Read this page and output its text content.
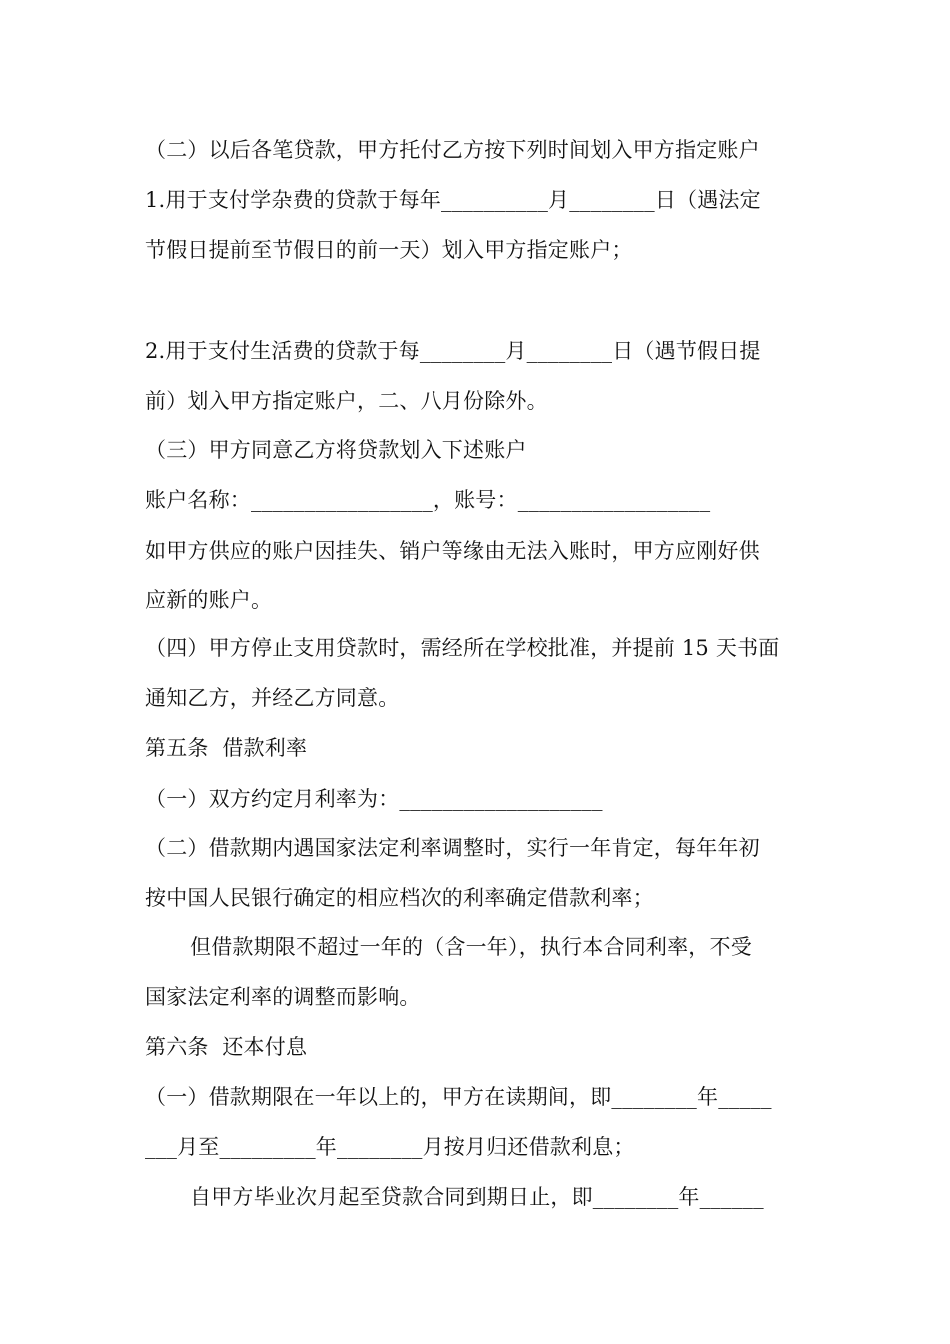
（二）以后各笔贷款，甲方托付乙方按下列时间划入甲方指定账户
1.用于支付学杂费的贷款于每年__________月________日（遇法定
节假日提前至节假日的前一天）划入甲方指定账户；
2.用于支付生活费的贷款于每________月________日（遇节假日提
前）划入甲方指定账户，二、八月份除外。
（三）甲方同意乙方将贷款划入下述账户
账户名称：_________________，账号：__________________
如甲方供应的账户因挂失、销户等缘由无法入账时，甲方应刚好供
应新的账户。
（四）甲方停止支用贷款时，需经所在学校批准，并提前 15 天书面
通知乙方，并经乙方同意。
第五条  借款利率
（一）双方约定月利率为：___________________
（二）借款期内遇国家法定利率调整时，实行一年肯定，每年年初
按中国人民银行确定的相应档次的利率确定借款利率；
但借款期限不超过一年的（含一年），执行本合同利率，不受
国家法定利率的调整而影响。
第六条  还本付息
（一）借款期限在一年以上的，甲方在读期间，即________年_____
___月至_________年________月按月归还借款利息；
自甲方毕业次月起至贷款合同到期日止，即________年______
